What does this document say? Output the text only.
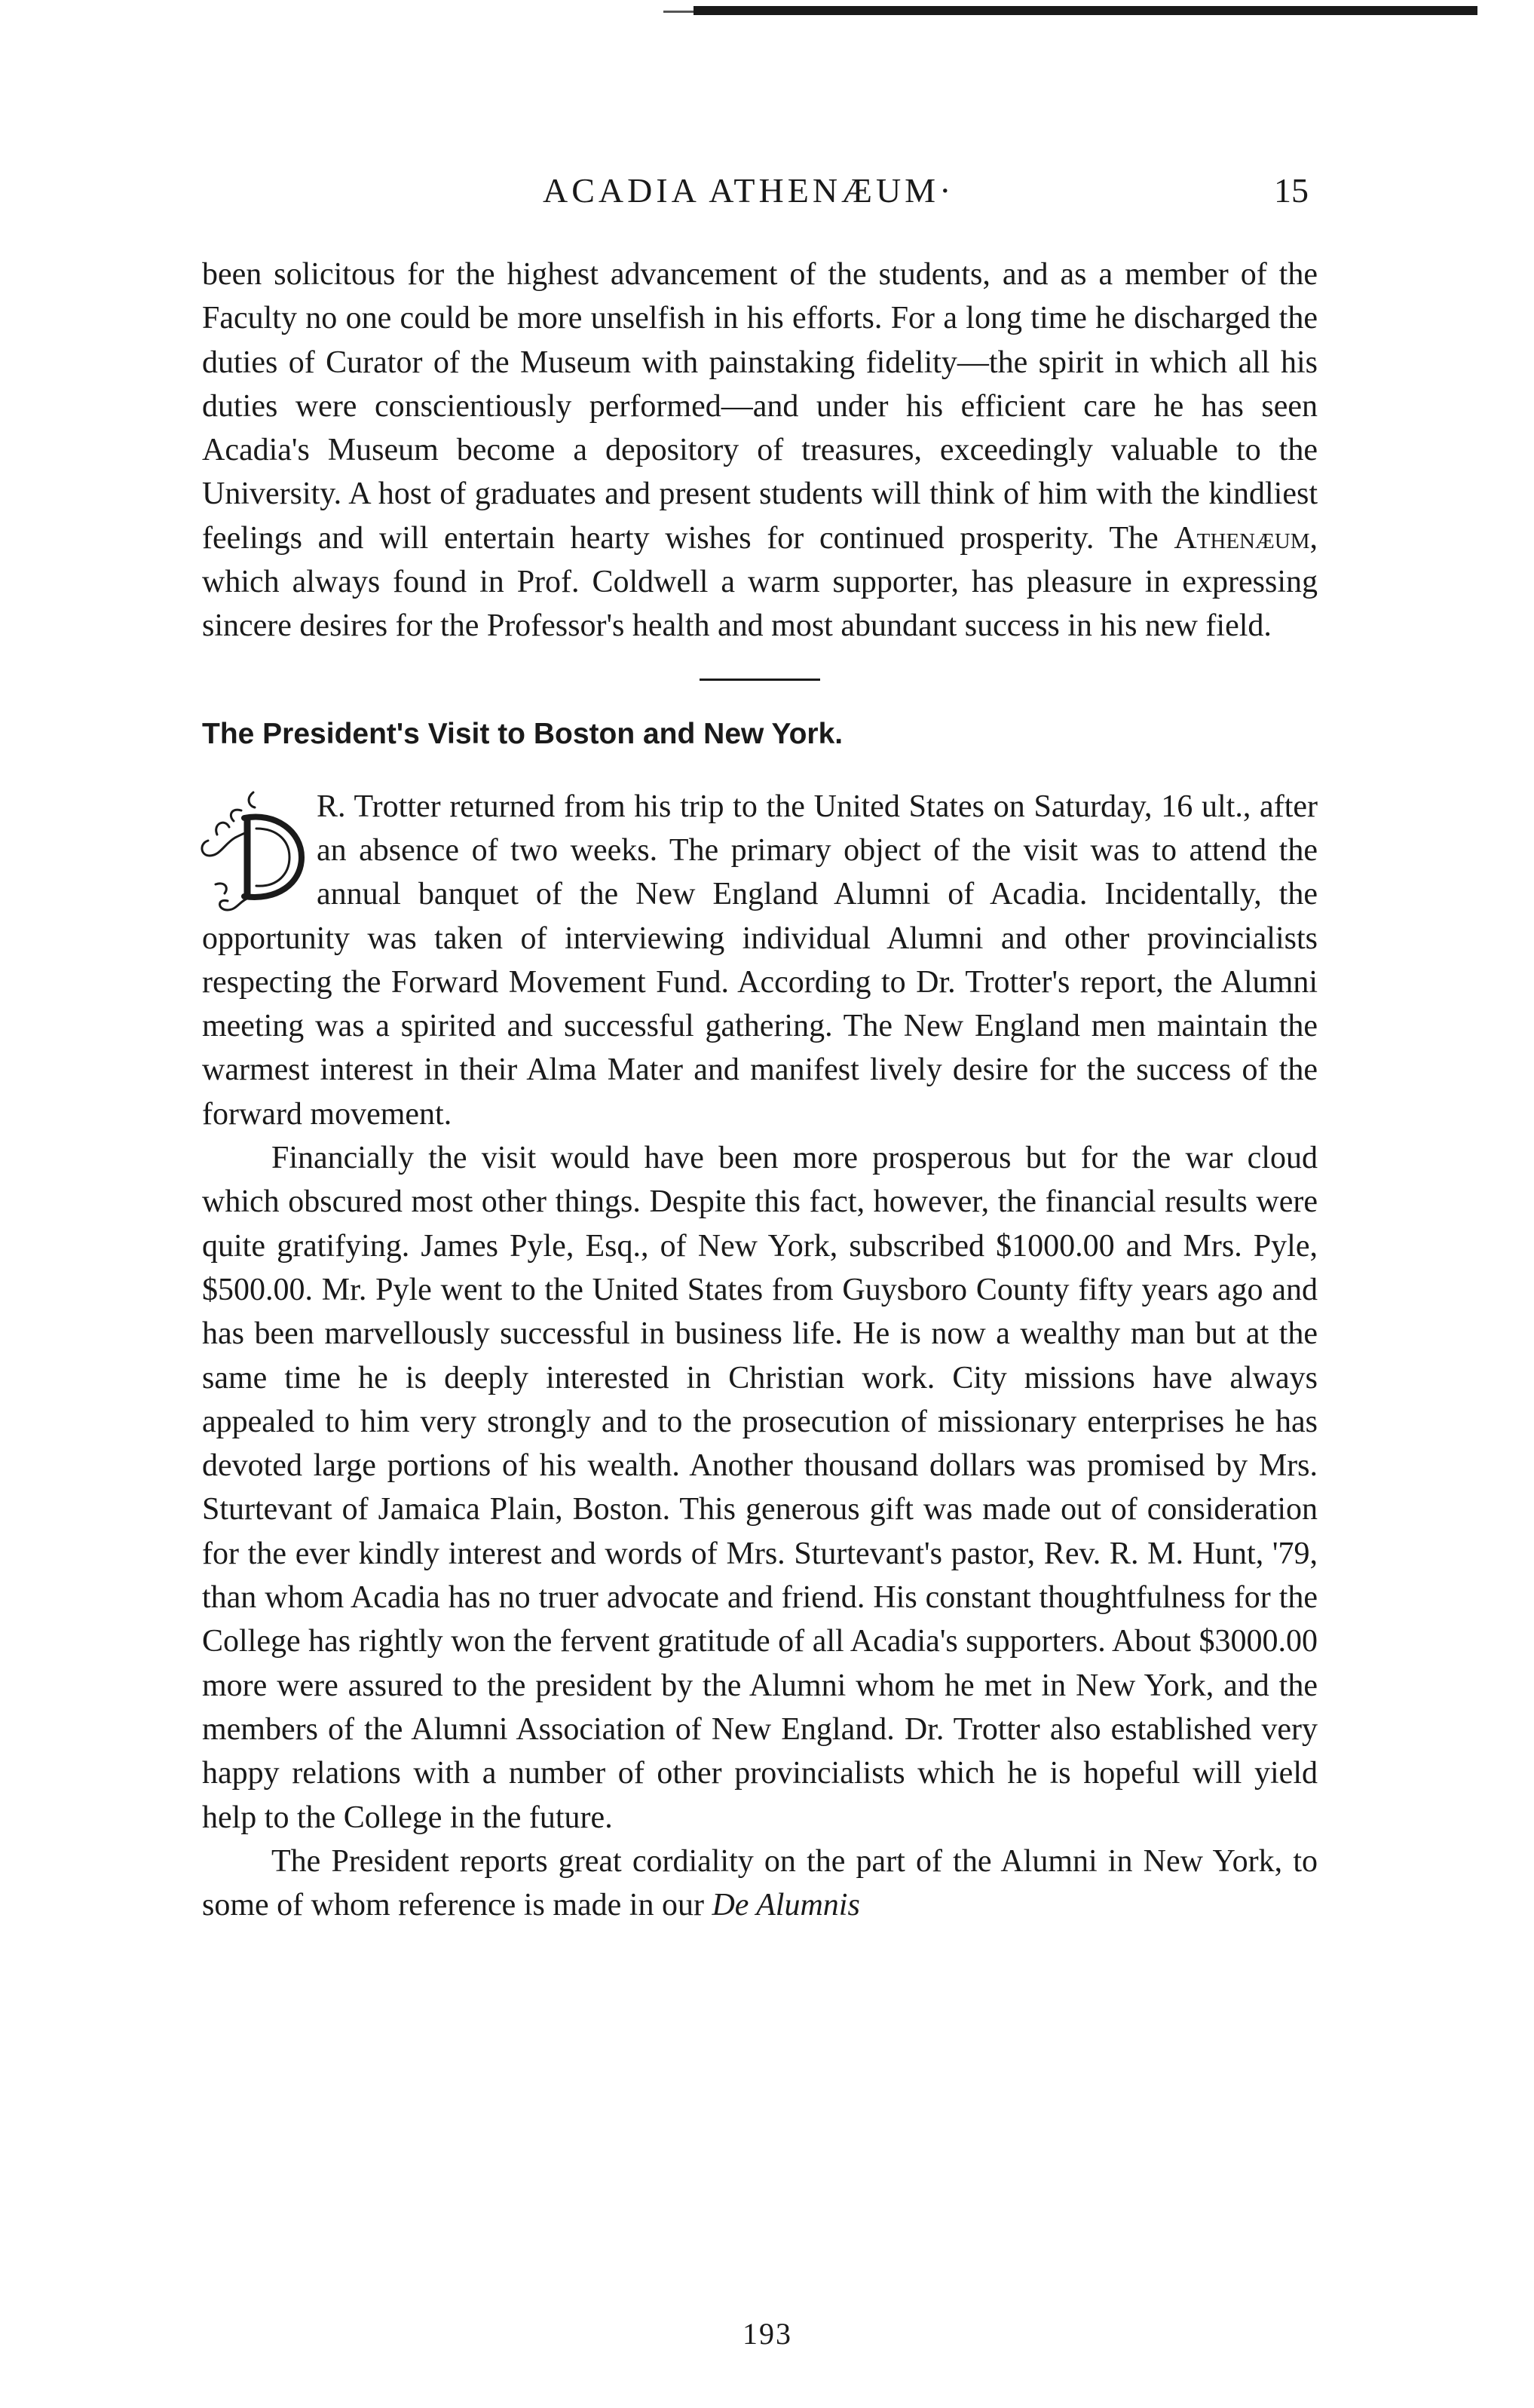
ACADIA ATHENÆUM·	15

been solicitous for the highest advancement of the students, and as a member of the Faculty no one could be more unselfish in his efforts. For a long time he discharged the duties of Curator of the Museum with painstaking fidelity—the spirit in which all his duties were conscientiously performed—and under his efficient care he has seen Acadia's Museum become a depository of treasures, exceedingly valuable to the University. A host of graduates and present students will think of him with the kindliest feelings and will entertain hearty wishes for continued prosperity. The Athenæum, which always found in Prof. Coldwell a warm supporter, has pleasure in expressing sincere desires for the Professor's health and most abundant success in his new field.

The President's Visit to Boston and New York.

R. Trotter returned from his trip to the United States on Saturday, 16 ult., after an absence of two weeks. The primary object of the visit was to attend the annual banquet of the New England Alumni of Acadia. Incidentally, the opportunity was taken of interviewing individual Alumni and other provincialists respecting the Forward Movement Fund. According to Dr. Trotter's report, the Alumni meeting was a spirited and successful gathering. The New England men maintain the warmest interest in their Alma Mater and manifest lively desire for the success of the forward movement.

Financially the visit would have been more prosperous but for the war cloud which obscured most other things. Despite this fact, however, the financial results were quite gratifying. James Pyle, Esq., of New York, subscribed $1000.00 and Mrs. Pyle, $500.00. Mr. Pyle went to the United States from Guysboro County fifty years ago and has been marvellously successful in business life. He is now a wealthy man but at the same time he is deeply interested in Christian work. City missions have always appealed to him very strongly and to the prosecution of missionary enterprises he has devoted large portions of his wealth. Another thousand dollars was promised by Mrs. Sturtevant of Jamaica Plain, Boston. This generous gift was made out of consideration for the ever kindly interest and words of Mrs. Sturtevant's pastor, Rev. R. M. Hunt, '79, than whom Acadia has no truer advocate and friend. His constant thoughtfulness for the College has rightly won the fervent gratitude of all Acadia's supporters. About $3000.00 more were assured to the president by the Alumni whom he met in New York, and the members of the Alumni Association of New England. Dr. Trotter also established very happy relations with a number of other provincialists which he is hopeful will yield help to the College in the future.

The President reports great cordiality on the part of the Alumni in New York, to some of whom reference is made in our De Alumnis

193
